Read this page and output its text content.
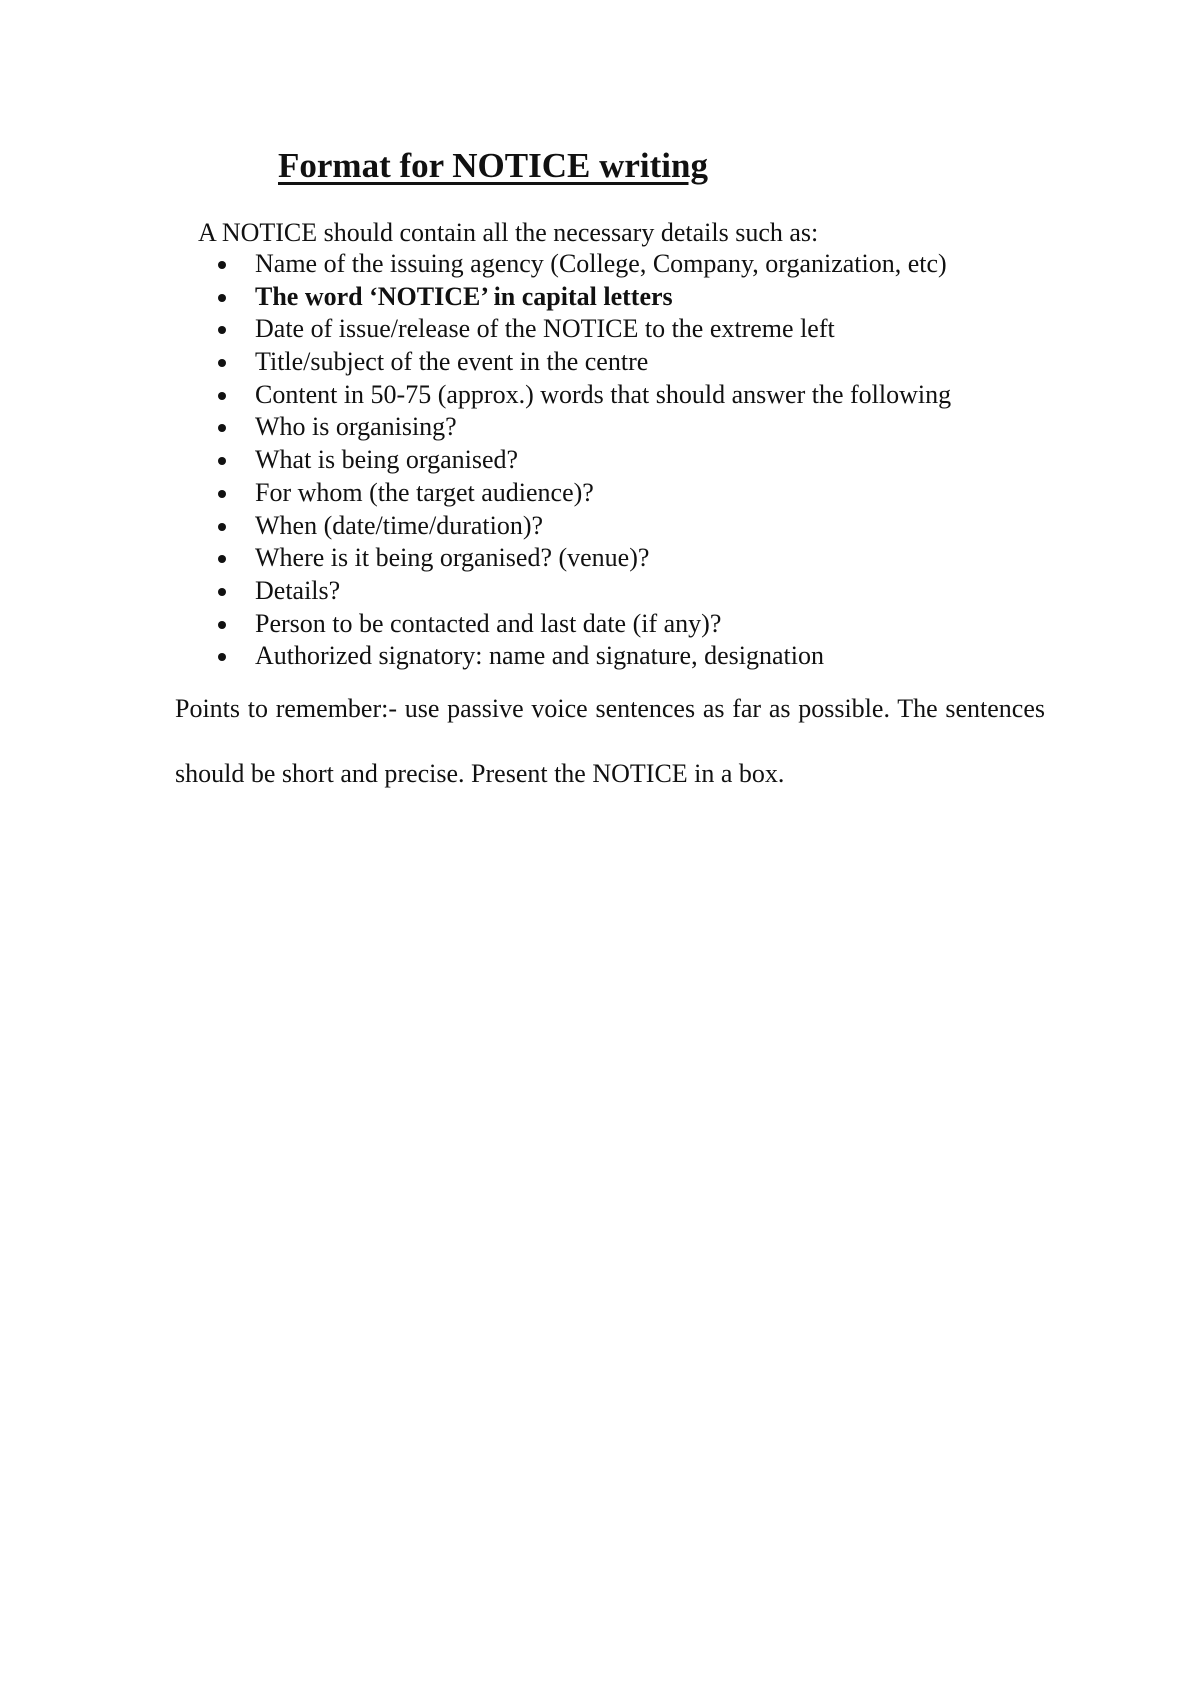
Format for NOTICE writing

A NOTICE should contain all the necessary details such as:

Name of the issuing agency (College, Company, organization, etc)
The word ‘NOTICE’ in capital letters
Date of issue/release of the NOTICE to the extreme left
Title/subject of the event in the centre
Content in 50-75 (approx.) words that should answer the following
Who is organising?
What is being organised?
For whom (the target audience)?
When (date/time/duration)?
Where is it being organised? (venue)?
Details?
Person to be contacted and last date (if any)?
Authorized signatory: name and signature, designation

Points to remember:- use passive voice sentences as far as possible. The sentences should be short and precise. Present the NOTICE in a box.
